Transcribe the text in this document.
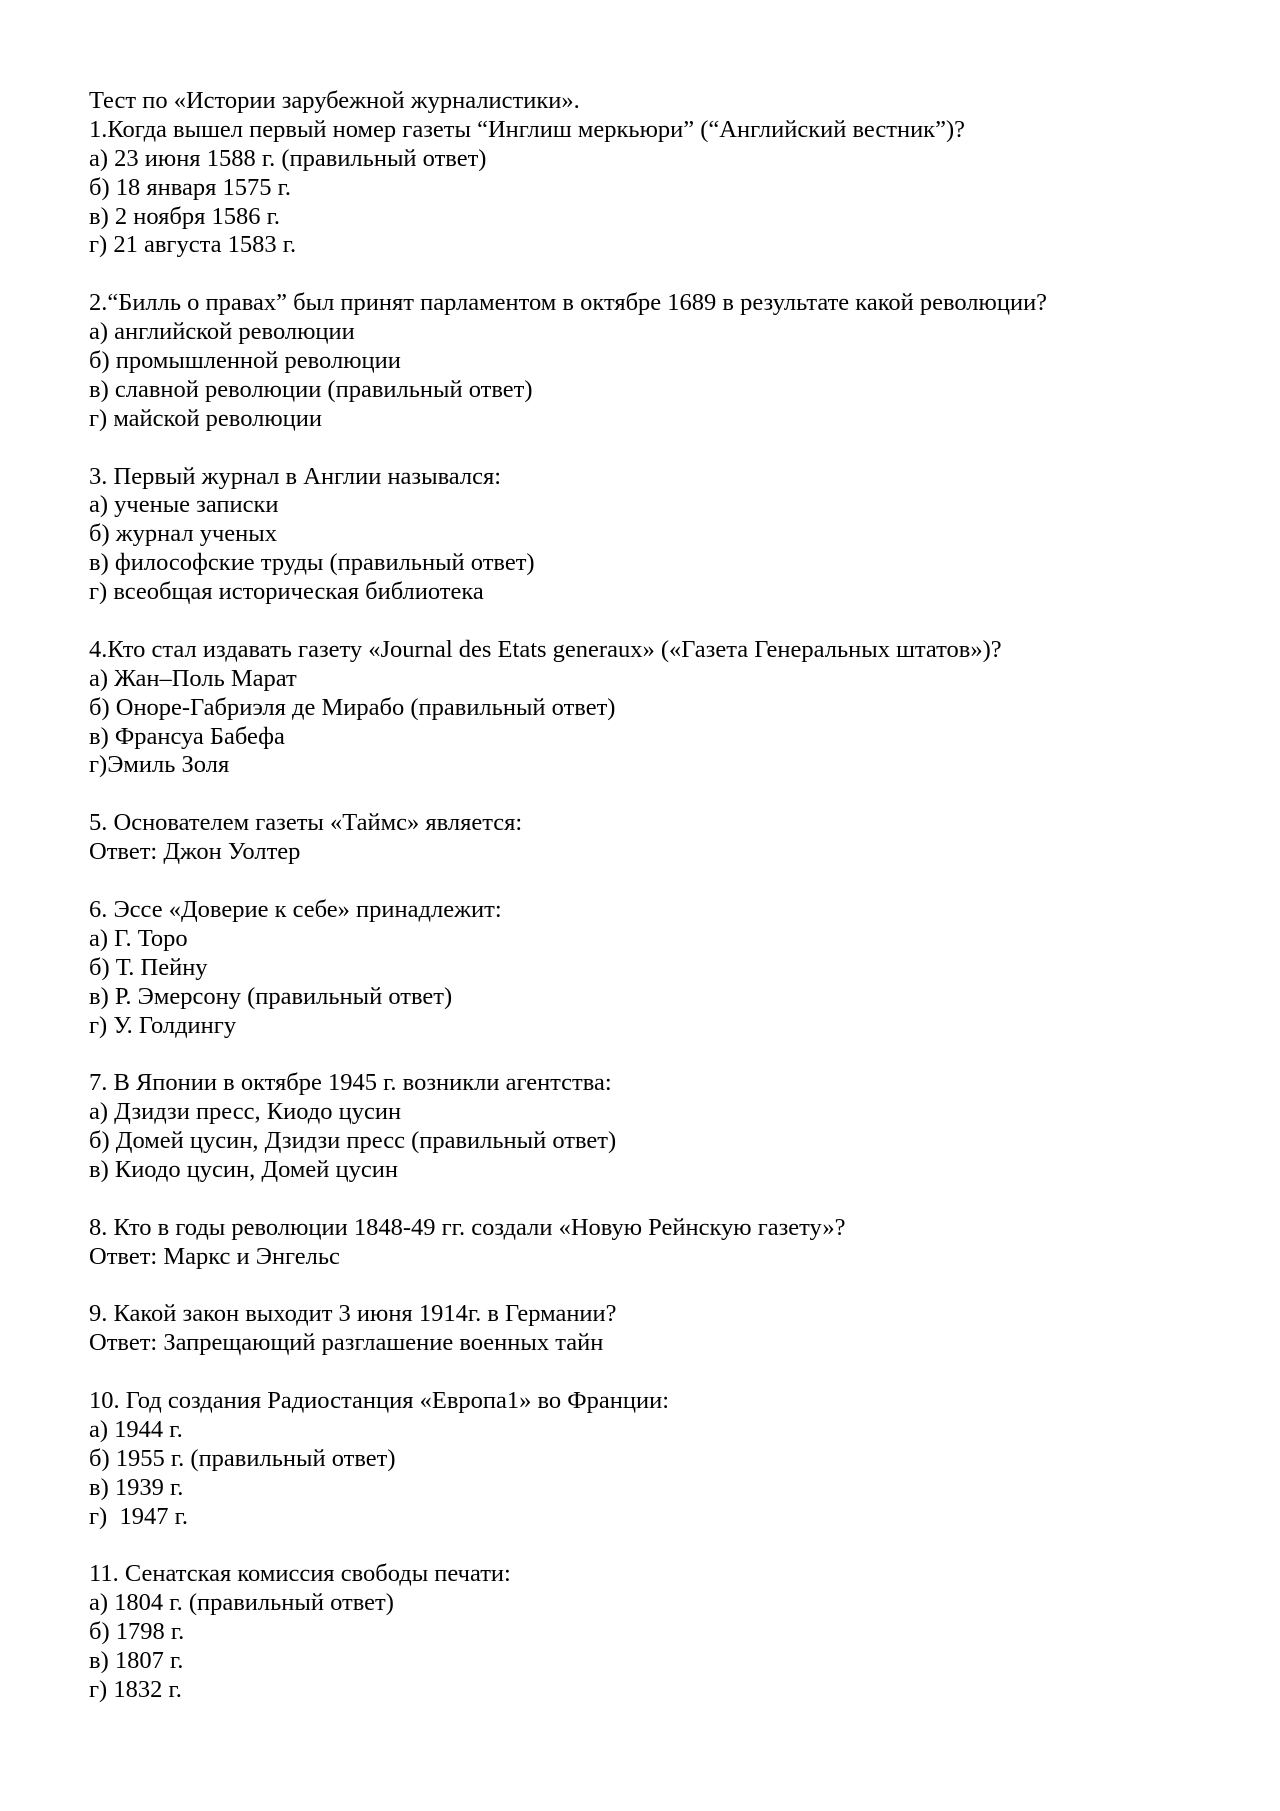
Тест по «Истории зарубежной журналистики».
1.Когда вышел первый номер газеты “Инглиш меркьюри” (“Английский вестник”)?
а) 23 июня 1588 г. (правильный ответ)
б) 18 января 1575 г.
в) 2 ноября 1586 г.
г) 21 августа 1583 г.
2.“Билль о правах” был принят парламентом в октябре 1689 в результате какой революции?
а) английской революции
б) промышленной революции
в) славной революции (правильный ответ)
г) майской революции
3. Первый журнал в Англии назывался:
а) ученые записки
б) журнал ученых
в) философские труды (правильный ответ)
г) всеобщая историческая библиотека
4.Кто стал издавать газету «Journal des Etats generaux» («Газета Генеральных штатов»)?
а) Жан–Поль Марат
б) Оноре-Габриэля де Мирабо (правильный ответ)
в) Франсуа Бабефа
г)Эмиль Золя
5. Основателем газеты «Таймс» является:
Ответ: Джон Уолтер
6. Эссе «Доверие к себе» принадлежит:
а) Г. Торо
б) Т. Пейну
в) Р. Эмерсону (правильный ответ)
г) У. Голдингу
7. В Японии в октябре 1945 г. возникли агентства:
а) Дзидзи пресс, Киодо цусин
б) Домей цусин, Дзидзи пресс (правильный ответ)
в) Киодо цусин, Домей цусин
8. Кто в годы революции 1848-49 гг. создали «Новую Рейнскую газету»?
Ответ: Маркс и Энгельс
9. Какой закон выходит 3 июня 1914г. в Германии?
Ответ: Запрещающий разглашение военных тайн
10. Год создания Радиостанция «Европа1» во Франции:
а) 1944 г.
б) 1955 г. (правильный ответ)
в) 1939 г.
г)  1947 г.
11. Сенатская комиссия свободы печати:
а) 1804 г. (правильный ответ)
б) 1798 г.
в) 1807 г.
г) 1832 г.
